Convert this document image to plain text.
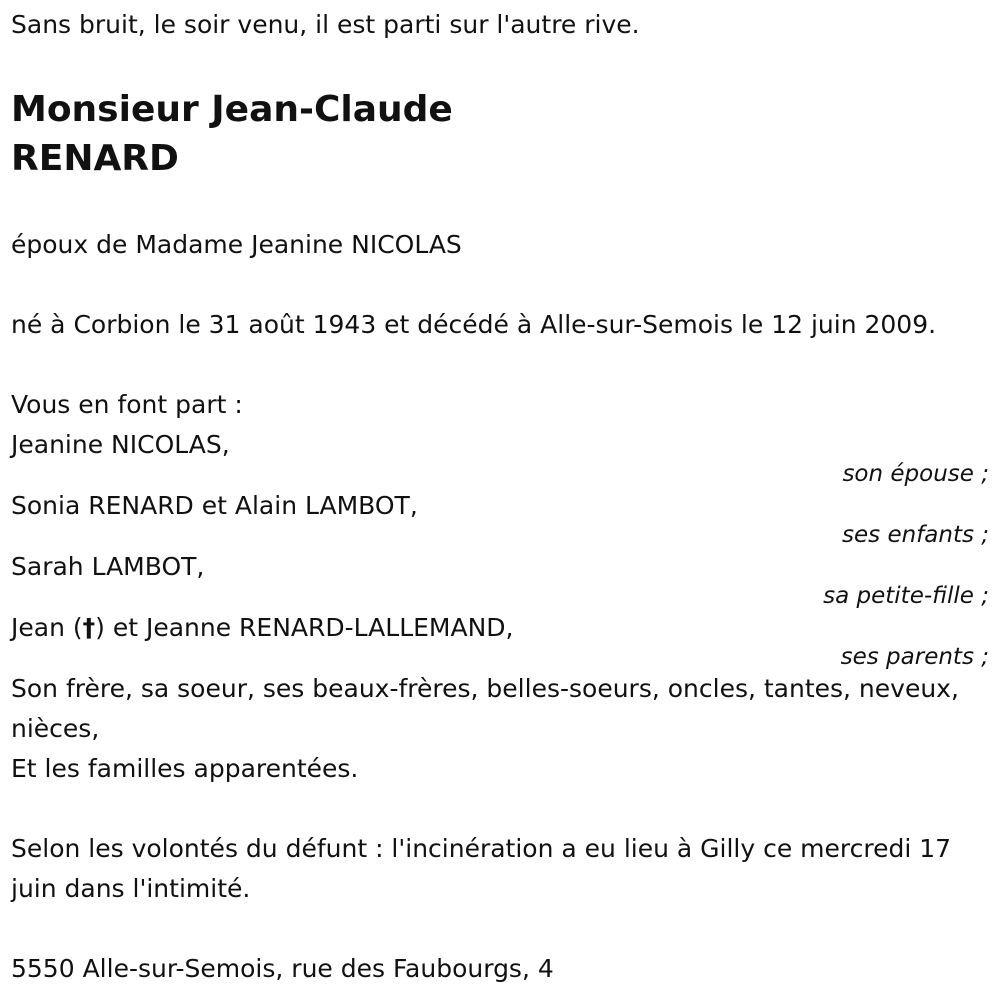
Sans bruit, le soir venu, il est parti sur l'autre rive.
Monsieur Jean-Claude
RENARD
époux de Madame Jeanine NICOLAS
né à Corbion le 31 août 1943 et décédé à Alle-sur-Semois le 12 juin 2009.
Vous en font part :
Jeanine NICOLAS,
son épouse ;
Sonia RENARD et Alain LAMBOT,
ses enfants ;
Sarah LAMBOT,
sa petite-fille ;
Jean (†) et Jeanne RENARD-LALLEMAND,
ses parents ;
Son frère, sa soeur, ses beaux-frères, belles-soeurs, oncles, tantes, neveux, nièces,
Et les familles apparentées.
Selon les volontés du défunt : l'incinération a eu lieu à Gilly ce mercredi 17 juin dans l'intimité.
5550 Alle-sur-Semois, rue des Faubourgs, 4
